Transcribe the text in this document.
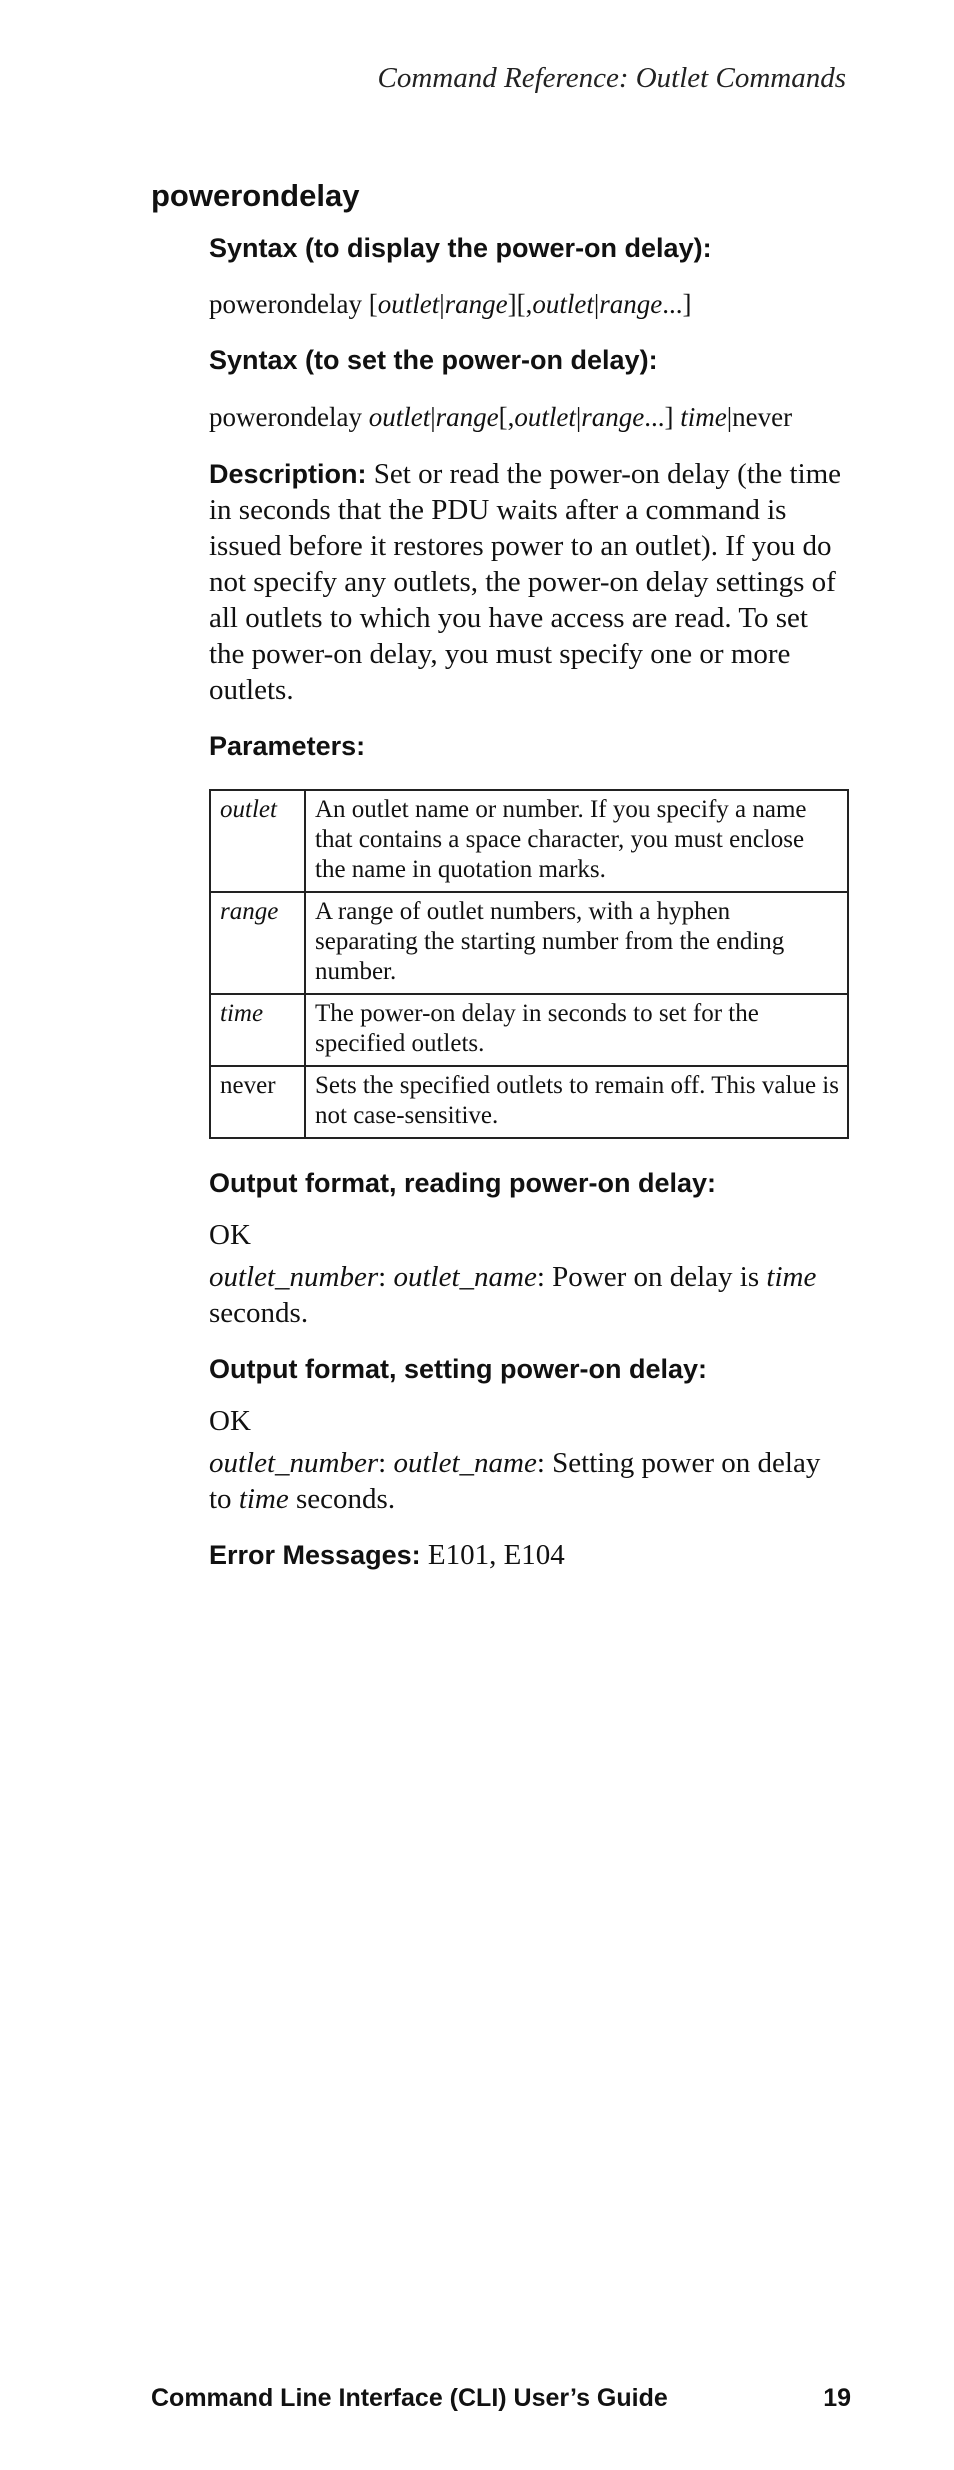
Command Reference: Outlet Commands
powerondelay

Syntax (to display the power-on delay):

powerondelay [outlet|range][,outlet|range...]

Syntax (to set the power-on delay):

powerondelay outlet|range[,outlet|range...] time|never

Description: Set or read the power-on delay (the time in seconds that the PDU waits after a command is issued before it restores power to an outlet). If you do not specify any outlets, the power-on delay settings of all outlets to which you have access are read. To set the power-on delay, you must specify one or more outlets.

Parameters:

outlet	An outlet name or number. If you specify a name that contains a space character, you must enclose the name in quotation marks.
range	A range of outlet numbers, with a hyphen separating the starting number from the ending number.
time	The power-on delay in seconds to set for the specified outlets.
never	Sets the specified outlets to remain off. This value is not case-sensitive.

Output format, reading power-on delay:

OK

outlet_number: outlet_name: Power on delay is time seconds.

Output format, setting power-on delay:

OK

outlet_number: outlet_name: Setting power on delay to time seconds.

Error Messages: E101, E104

Command Line Interface (CLI) User’s Guide	19
